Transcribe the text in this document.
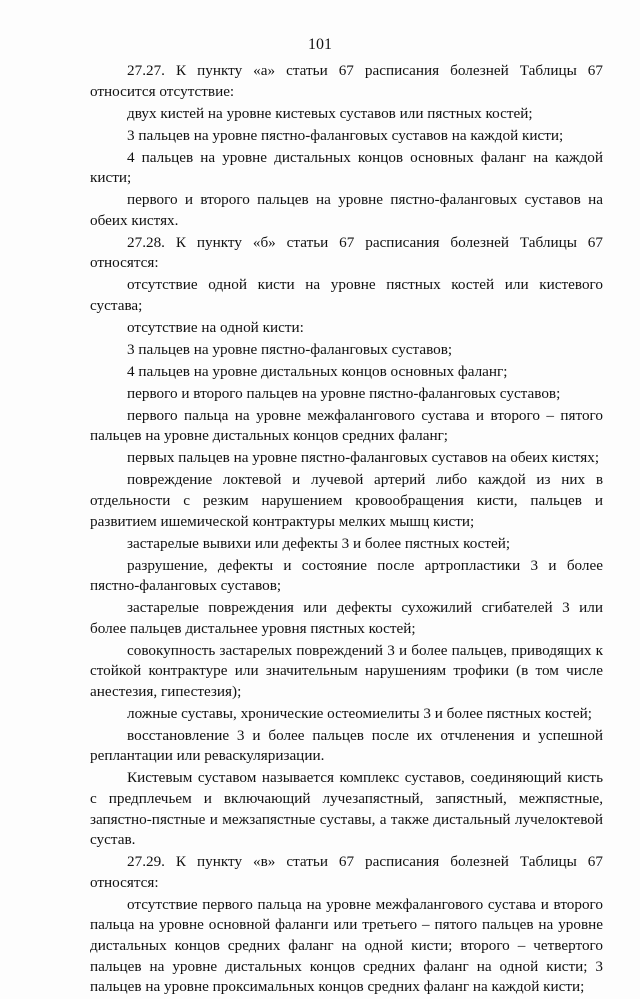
101

27.27. К пункту «а» статьи 67 расписания болезней Таблицы 67 относится отсутствие:

двух кистей на уровне кистевых суставов или пястных костей;

3 пальцев на уровне пястно-фаланговых суставов на каждой кисти;

4 пальцев на уровне дистальных концов основных фаланг на каждой кисти;

первого и второго пальцев на уровне пястно-фаланговых суставов на обеих кистях.

27.28. К пункту «б» статьи 67 расписания болезней Таблицы 67 относятся:

отсутствие одной кисти на уровне пястных костей или кистевого сустава;

отсутствие на одной кисти:

3 пальцев на уровне пястно-фаланговых суставов;

4 пальцев на уровне дистальных концов основных фаланг;

первого и второго пальцев на уровне пястно-фаланговых суставов;

первого пальца на уровне межфалангового сустава и второго – пятого пальцев на уровне дистальных концов средних фаланг;

первых пальцев на уровне пястно-фаланговых суставов на обеих кистях;

повреждение локтевой и лучевой артерий либо каждой из них в отдельности с резким нарушением кровообращения кисти, пальцев и развитием ишемической контрактуры мелких мышц кисти;

застарелые вывихи или дефекты 3 и более пястных костей;

разрушение, дефекты и состояние после артропластики 3 и более пястно-фаланговых суставов;

застарелые повреждения или дефекты сухожилий сгибателей 3 или более пальцев дистальнее уровня пястных костей;

совокупность застарелых повреждений 3 и более пальцев, приводящих к стойкой контрактуре или значительным нарушениям трофики (в том числе анестезия, гипестезия);

ложные суставы, хронические остеомиелиты 3 и более пястных костей;

восстановление 3 и более пальцев после их отчленения и успешной реплантации или реваскуляризации.

Кистевым суставом называется комплекс суставов, соединяющий кисть с предплечьем и включающий лучезапястный, запястный, межпястные, запястно-пястные и межзапястные суставы, а также дистальный лучелоктевой сустав.

27.29. К пункту «в» статьи 67 расписания болезней Таблицы 67 относятся:

отсутствие первого пальца на уровне межфалангового сустава и второго пальца на уровне основной фаланги или третьего – пятого пальцев на уровне дистальных концов средних фаланг на одной кисти; второго – четвертого пальцев на уровне дистальных концов средних фаланг на одной кисти; 3 пальцев на уровне проксимальных концов средних фаланг на каждой кисти;
